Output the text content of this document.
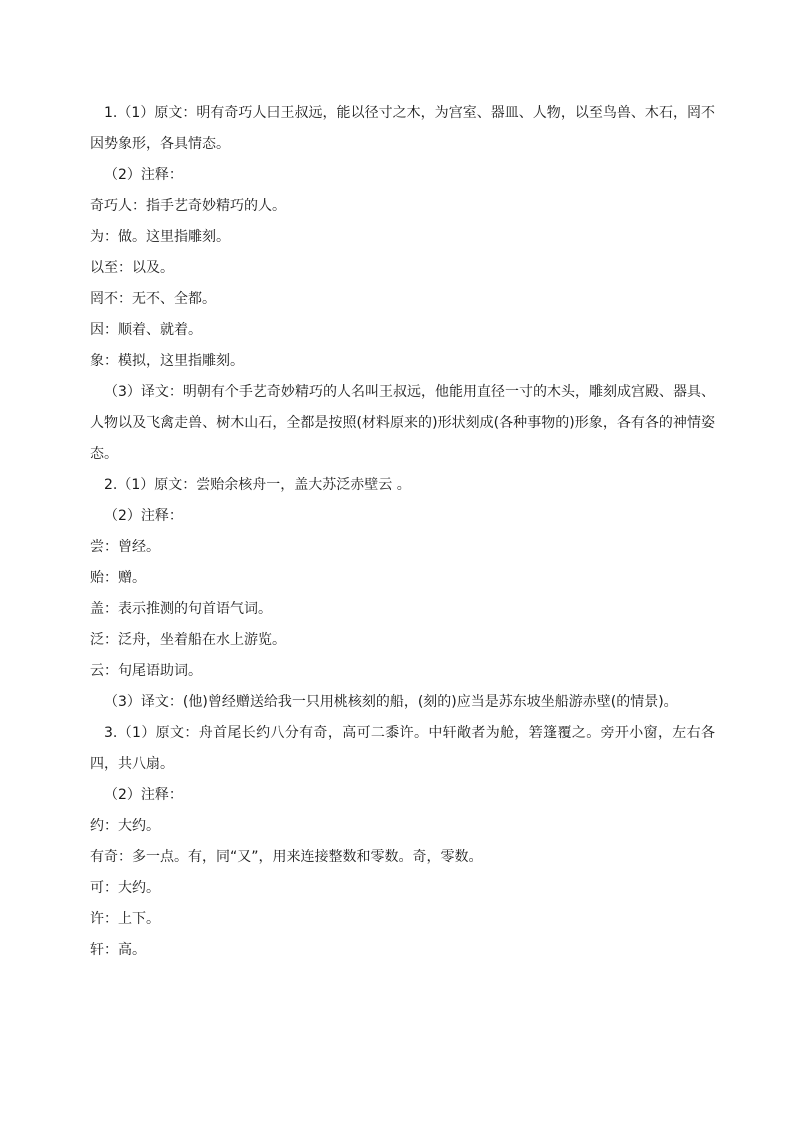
1.（1）原文：明有奇巧人曰王叔远，能以径寸之木，为宫室、器皿、人物，以至鸟兽、木石，罔不因势象形，各具情态。

（2）注释：

奇巧人：指手艺奇妙精巧的人。

为：做。这里指雕刻。

以至：以及。

罔不：无不、全都。

因：顺着、就着。

象：模拟，这里指雕刻。

（3）译文：明朝有个手艺奇妙精巧的人名叫王叔远，他能用直径一寸的木头，雕刻成宫殿、器具、人物以及飞禽走兽、树木山石，全都是按照(材料原来的)形状刻成(各种事物的)形象，各有各的神情姿态。

2.（1）原文：尝贻余核舟一，盖大苏泛赤壁云 。

（2）注释：

尝：曾经。

贻：赠。

盖：表示推测的句首语气词。

泛：泛舟，坐着船在水上游览。

云：句尾语助词。

（3）译文：(他)曾经赠送给我一只用桃核刻的船，(刻的)应当是苏东坡坐船游赤壁(的情景)。

3.（1）原文：舟首尾长约八分有奇，高可二黍许。中轩敞者为舱，箬篷覆之。旁开小窗，左右各四，共八扇。

（2）注释：

约：大约。

有奇：多一点。有，同“又”，用来连接整数和零数。奇，零数。

可：大约。

许：上下。

轩：高。
